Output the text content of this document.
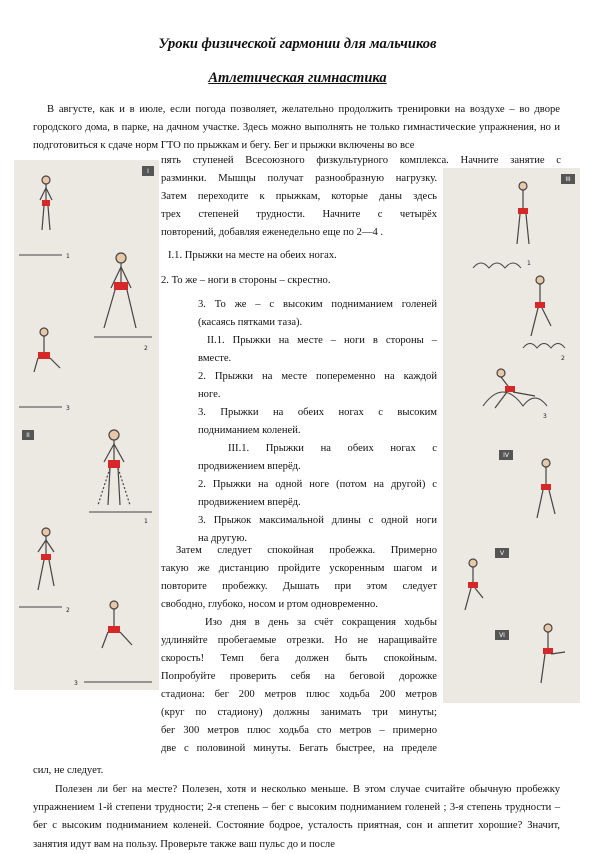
Уроки физической гармонии для мальчиков
Атлетическая гимнастика

В августе, как и в июле, если погода позволяет, желательно продолжить тренировки на воздухе – во дворе городского дома, в парке, на дачном участке. Здесь можно выполнять не только гимнастические упражнения, но и подготовиться к сдаче норм ГТО по прыжкам и бегу. Бег и прыжки включены во все

I
1
2
3
II
1
2
3
III
1
2
3
IV
V
VI
пять ступеней Всесоюзного физкультурного комплекса. Начните занятие с
разминки. Мышцы получат разнообразную нагрузку.
Затем переходите к прыжкам, которые даны здесь
трех степеней трудности. Начните с четырёх
повторений, добавляя еженедельно еще по 2—4 .
I.1. Прыжки на месте на обеих ногах.
2. То же – ноги в стороны – скрестно.
3. То же – с высоким подниманием голеней
(касаясь пятками таза).
II.1. Прыжки на месте – ноги в стороны –
вместе.
2. Прыжки на месте попеременно на каждой
ноге.
3. Прыжки на обеих ногах с высоким
подниманием коленей.
III.1. Прыжки на обеих ногах с
продвижением вперёд.
2. Прыжки на одной ноге (потом на другой) с
продвижением вперёд.
3. Прыжок максимальной длины с одной ноги
на другую.
Затем следует спокойная пробежка. Примерно
такую же дистанцию пройдите ускоренным шагом и
повторите пробежку. Дышать при этом следует
свободно, глубоко, носом и ртом одновременно.
Изо дня в день за счёт сокращения ходьбы
удлиняйте пробегаемые отрезки. Но не наращивайте
скорость! Темп бега должен быть спокойным.
Попробуйте проверить себя на беговой дорожке
стадиона: бег 200 метров плюс ходьба 200 метров
(круг по стадиону) должны занимать три минуты;
бег 300 метров плюс ходьба сто метров – примерно
две с половиной минуты. Бегать быстрее, на пределе
сил, не следует.

Полезен ли бег на месте? Полезен, хотя и несколько меньше. В этом случае считайте обычную пробежку упражнением 1-й степени трудности; 2-я степень – бег с высоким подниманием голеней ; 3-я степень трудности – бег с высоким подниманием коленей. Состояние бодрое, усталость приятная, сон и аппетит хорошие? Значит, занятия идут вам на пользу. Проверьте также ваш пульс до и после
